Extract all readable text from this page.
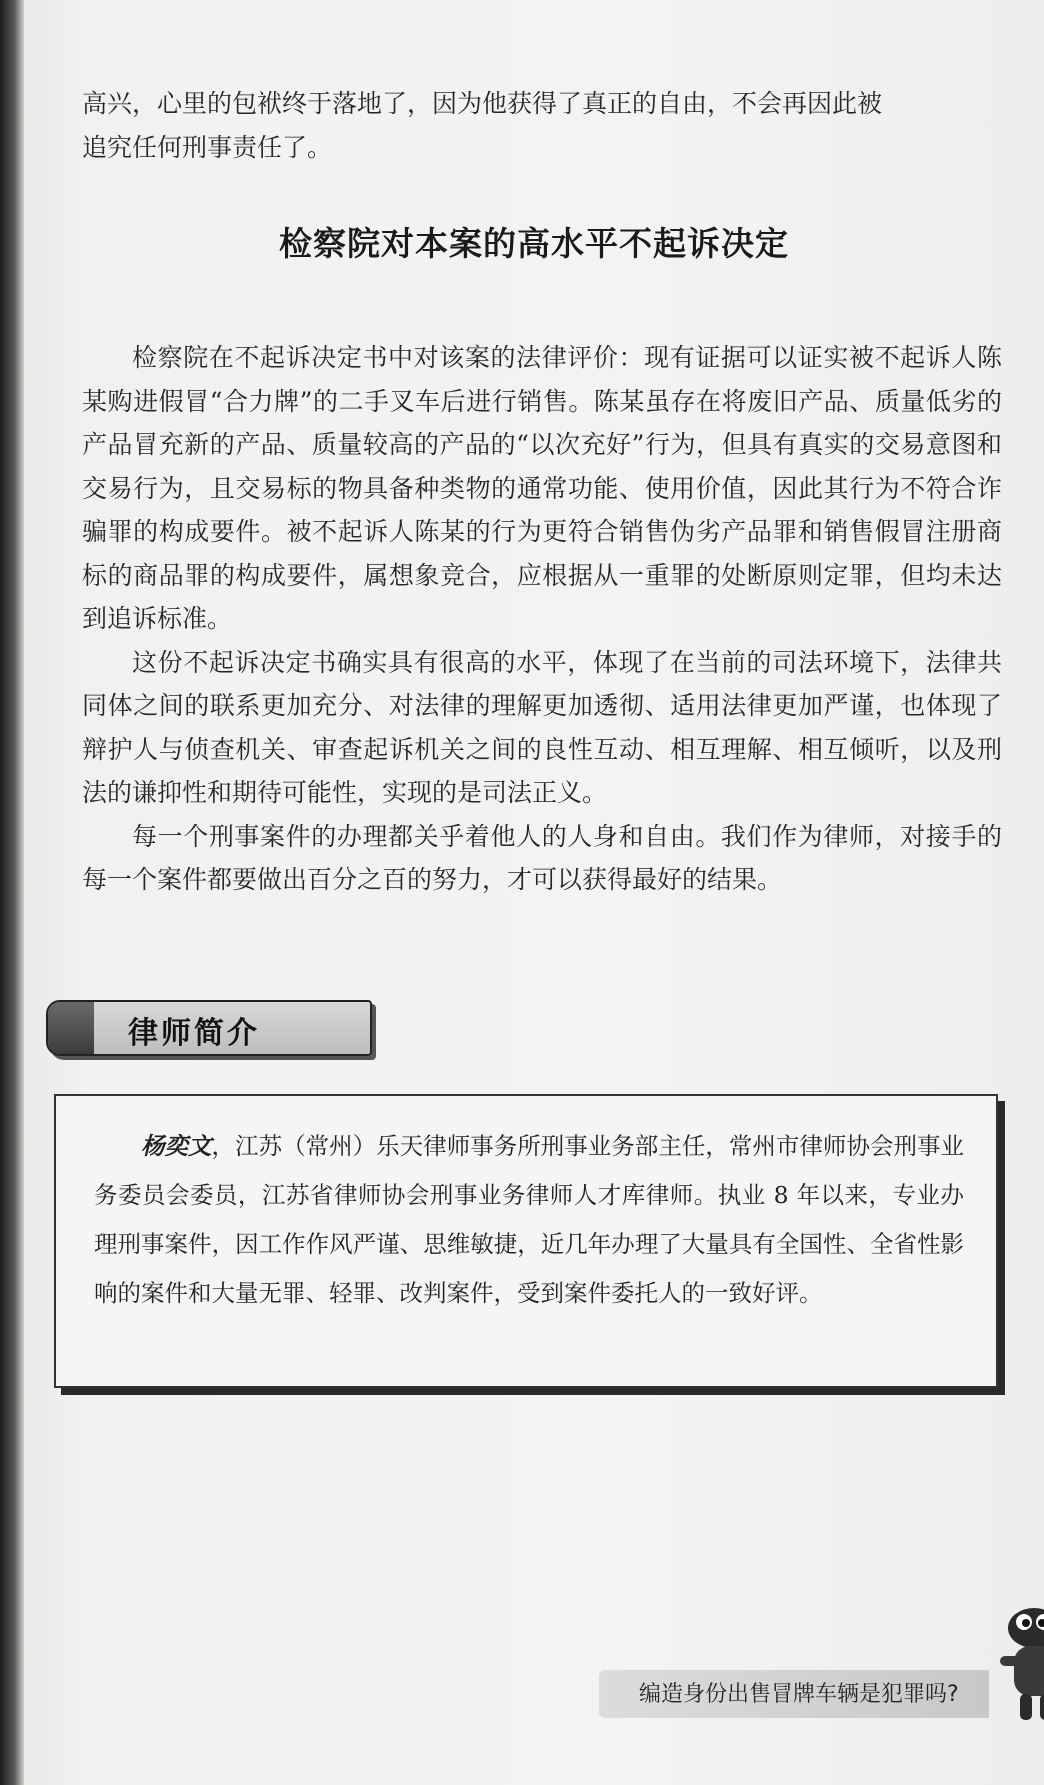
高兴，心里的包袱终于落地了，因为他获得了真正的自由，不会再因此被

追究任何刑事责任了。

检察院对本案的高水平不起诉决定

检察院在不起诉决定书中对该案的法律评价：现有证据可以证实被不起诉人陈某购进假冒“合力牌”的二手叉车后进行销售。陈某虽存在将废旧产品、质量低劣的产品冒充新的产品、质量较高的产品的“以次充好”行为，但具有真实的交易意图和交易行为，且交易标的物具备种类物的通常功能、使用价值，因此其行为不符合诈骗罪的构成要件。被不起诉人陈某的行为更符合销售伪劣产品罪和销售假冒注册商标的商品罪的构成要件，属想象竞合，应根据从一重罪的处断原则定罪，但均未达到追诉标准。

这份不起诉决定书确实具有很高的水平，体现了在当前的司法环境下，法律共同体之间的联系更加充分、对法律的理解更加透彻、适用法律更加严谨，也体现了辩护人与侦查机关、审查起诉机关之间的良性互动、相互理解、相互倾听，以及刑法的谦抑性和期待可能性，实现的是司法正义。

每一个刑事案件的办理都关乎着他人的人身和自由。我们作为律师，对接手的每一个案件都要做出百分之百的努力，才可以获得最好的结果。

律师简介
杨奕文，江苏（常州）乐天律师事务所刑事业务部主任，常州市律师协会刑事业务委员会委员，江苏省律师协会刑事业务律师人才库律师。执业 8 年以来，专业办理刑事案件，因工作作风严谨、思维敏捷，近几年办理了大量具有全国性、全省性影响的案件和大量无罪、轻罪、改判案件，受到案件委托人的一致好评。
编造身份出售冒牌车辆是犯罪吗?
